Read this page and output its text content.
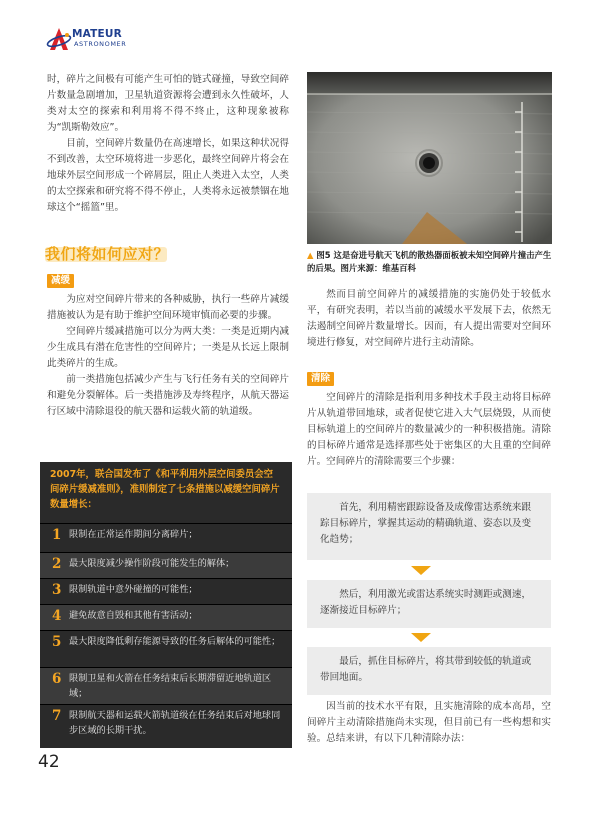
MATEUR
ASTRONOMER

时，碎片之间极有可能产生可怕的链式碰撞，导致空间碎片数量急剧增加，卫星轨道资源将会遭到永久性破坏，人类对太空的探索和利用将不得不终止，这种现象被称为“凯斯勒效应”。

目前，空间碎片数量仍在高速增长，如果这种状况得不到改善，太空环境将进一步恶化，最终空间碎片将会在地球外层空间形成一个碎屑层，阻止人类进入太空，人类的太空探索和研究将不得不停止，人类将永远被禁锢在地球这个“摇篮”里。

我们将如何应对？
减缓

为应对空间碎片带来的各种威胁，执行一些碎片减缓措施被认为是有助于维护空间环境审慎而必要的步骤。

空间碎片缓减措施可以分为两大类：一类是近期内减少生成具有潜在危害性的空间碎片；一类是从长远上限制此类碎片的生成。

前一类措施包括减少产生与飞行任务有关的空间碎片和避免分裂解体。后一类措施涉及寿终程序，从航天器运行区域中清除退役的航天器和运载火箭的轨道级。

2007年，联合国发布了《和平利用外层空间委员会空间碎片缓减准则》，准则制定了七条措施以减缓空间碎片数量增长：
1 限制在正常运作期间分离碎片；
2 最大限度减少操作阶段可能发生的解体；
3 限制轨道中意外碰撞的可能性；
4 避免故意自毁和其他有害活动；
5 最大限度降低剩存能源导致的任务后解体的可能性；
6 限制卫星和火箭在任务结束后长期滞留近地轨道区域；
7 限制航天器和运载火箭轨道级在任务结束后对地球同步区域的长期干扰。
▲ 图5 这是奋进号航天飞机的散热器面板被未知空间碎片撞击产生的后果。图片来源：维基百科

然而目前空间碎片的减缓措施的实施仍处于较低水平，有研究表明，若以当前的减缓水平发展下去，依然无法遏制空间碎片数量增长。因而，有人提出需要对空间环境进行修复，对空间碎片进行主动清除。

清除

空间碎片的清除是指利用多种技术手段主动将目标碎片从轨道带回地球，或者促使它进入大气层烧毁，从而使目标轨道上的空间碎片的数量减少的一种积极措施。清除的目标碎片通常是选择那些处于密集区的大且重的空间碎片。空间碎片的清除需要三个步骤：

首先，利用精密跟踪设备及成像雷达系统来跟踪目标碎片，掌握其运动的精确轨道、姿态以及变化趋势；
然后，利用激光或雷达系统实时测距或测速，逐渐接近目标碎片；
最后，抓住目标碎片，将其带到较低的轨道或带回地面。

因当前的技术水平有限，且实施清除的成本高昂，空间碎片主动清除措施尚未实现，但目前已有一些构想和实验。总结来讲，有以下几种清除办法：

42
